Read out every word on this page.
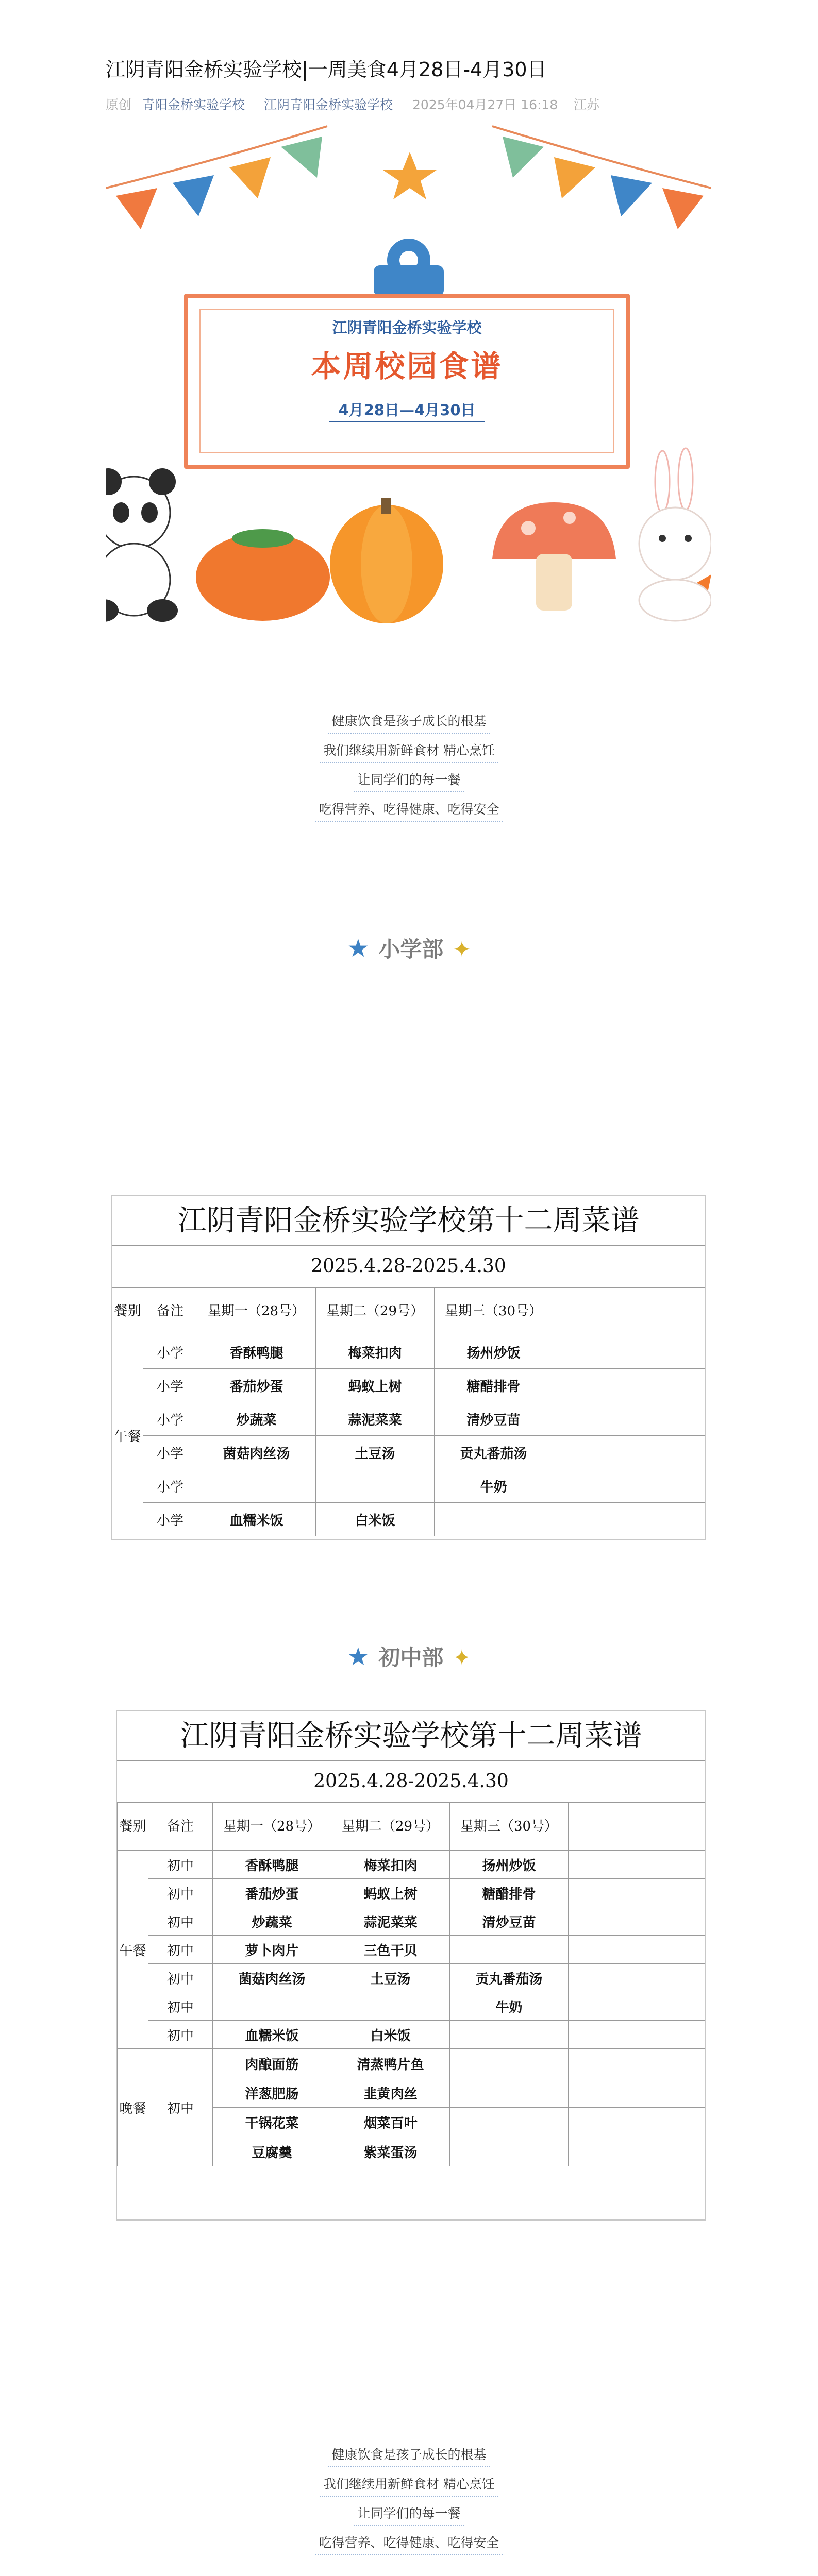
江阴青阳金桥实验学校|一周美食4月28日-4月30日
原创 青阳金桥实验学校 江阴青阳金桥实验学校 2025年04月27日 16:18 江苏
江阴青阳金桥实验学校
本周校园食谱
4月28日—4月30日
健康饮食是孩子成长的根基
我们继续用新鲜食材 精心烹饪
让同学们的每一餐
吃得营养、吃得健康、吃得安全
★ 小学部 ✦
江阴青阳金桥实验学校第十二周菜谱
2025.4.28-2025.4.30
餐别	备注	星期一（28号）	星期二（29号）	星期三（30号）	
午餐	小学	香酥鸭腿	梅菜扣肉	扬州炒饭	
	小学	番茄炒蛋	蚂蚁上树	糖醋排骨	
	小学	炒蔬菜	蒜泥菜菜	清炒豆苗	
	小学	菌菇肉丝汤	土豆汤	贡丸番茄汤	
	小学			牛奶	
	小学	血糯米饭	白米饭		
★ 初中部 ✦
江阴青阳金桥实验学校第十二周菜谱
2025.4.28-2025.4.30
餐别	备注	星期一（28号）	星期二（29号）	星期三（30号）	
午餐	初中	香酥鸭腿	梅菜扣肉	扬州炒饭	
	初中	番茄炒蛋	蚂蚁上树	糖醋排骨	
	初中	炒蔬菜	蒜泥菜菜	清炒豆苗	
	初中	萝卜肉片	三色干贝		
	初中	菌菇肉丝汤	土豆汤	贡丸番茄汤	
	初中			牛奶	
	初中	血糯米饭	白米饭		
晚餐	初中	肉酿面筋	清蒸鸭片鱼		
		洋葱肥肠	韭黄肉丝		
		干锅花菜	烟菜百叶		
		豆腐羹	紫菜蛋汤		
健康饮食是孩子成长的根基
我们继续用新鲜食材 精心烹饪
让同学们的每一餐
吃得营养、吃得健康、吃得安全
